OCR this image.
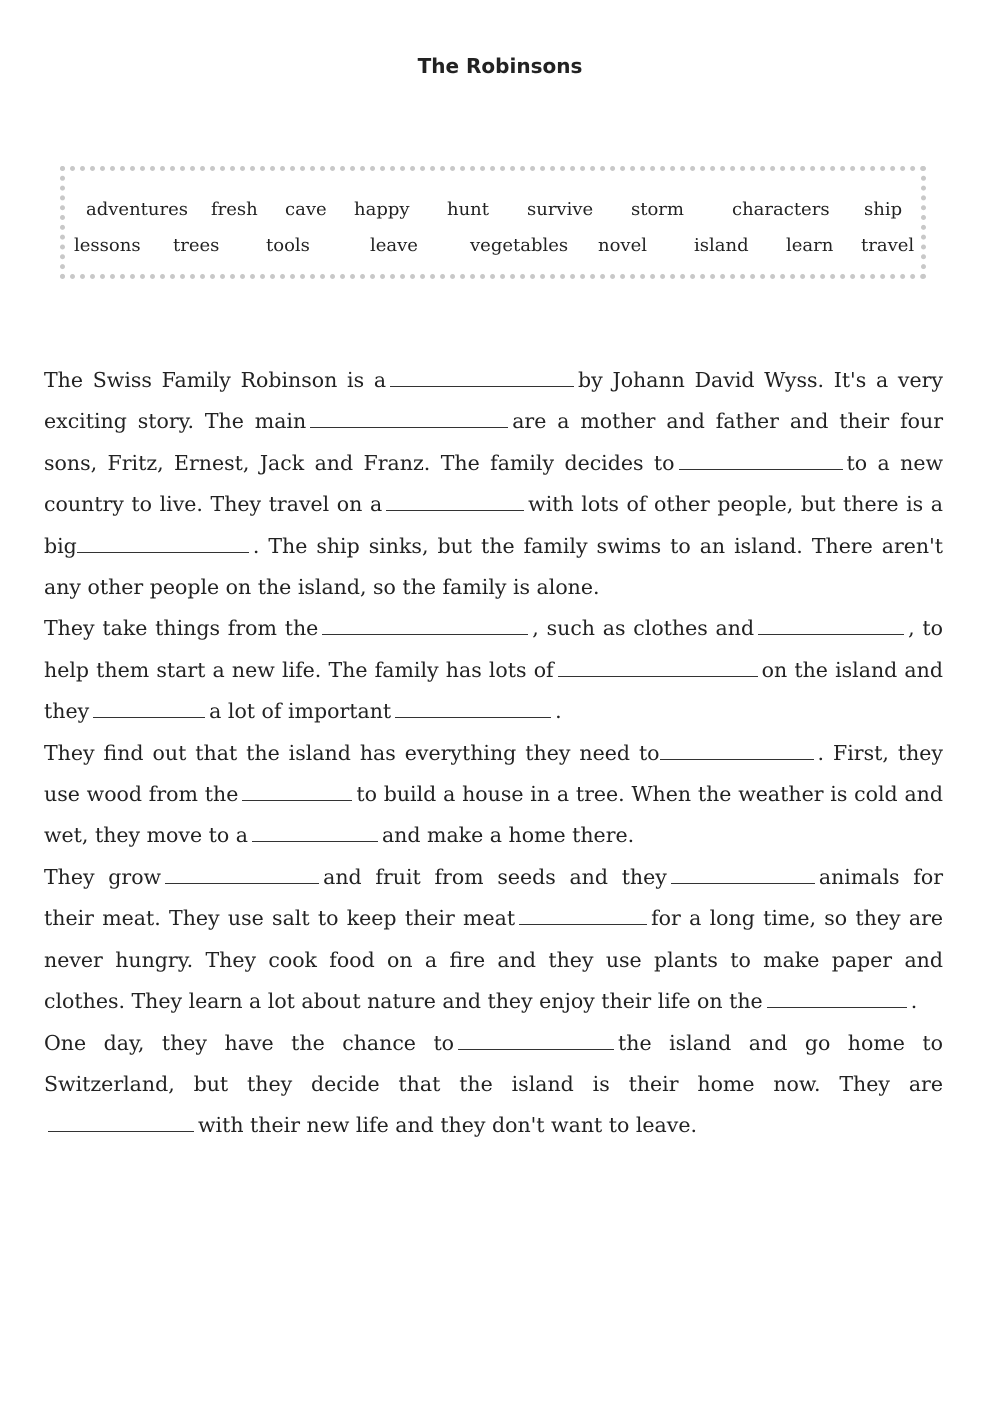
The Robinsons
adventures fresh cave happy hunt survive storm	characters ship
lessons trees	tools	leave	vegetables novel	island learn travel

The Swiss Family Robinson is a	by Johann David Wyss. It's a very exciting story. The main	are a mother and father and their four sons, Fritz, Ernest, Jack and Franz. The family decides to	to a new country to live. They travel on a	with lots of other people, but there is a big	. The ship sinks, but the family swims to an island. There aren't any other people on the island, so the family is alone.

They take things from the	, such as clothes and	, to help them start a new life. The family has lots of	on the island and they	a lot of important	.

They find out that the island has everything they need to	. First, they use wood from the	to build a house in a tree. When the weather is cold and wet, they move to a	and make a home there.

They grow	and fruit from seeds and they	animals for their meat. They use salt to keep their meat	for a long time, so they are never hungry. They cook food on a fire and they use plants to make paper and clothes. They learn a lot about nature and they enjoy their life on the	.

One day, they have the chance to	the island and go home to Switzerland, but they decide that the island is their home now. They arewith their new life and they don't want to leave.
